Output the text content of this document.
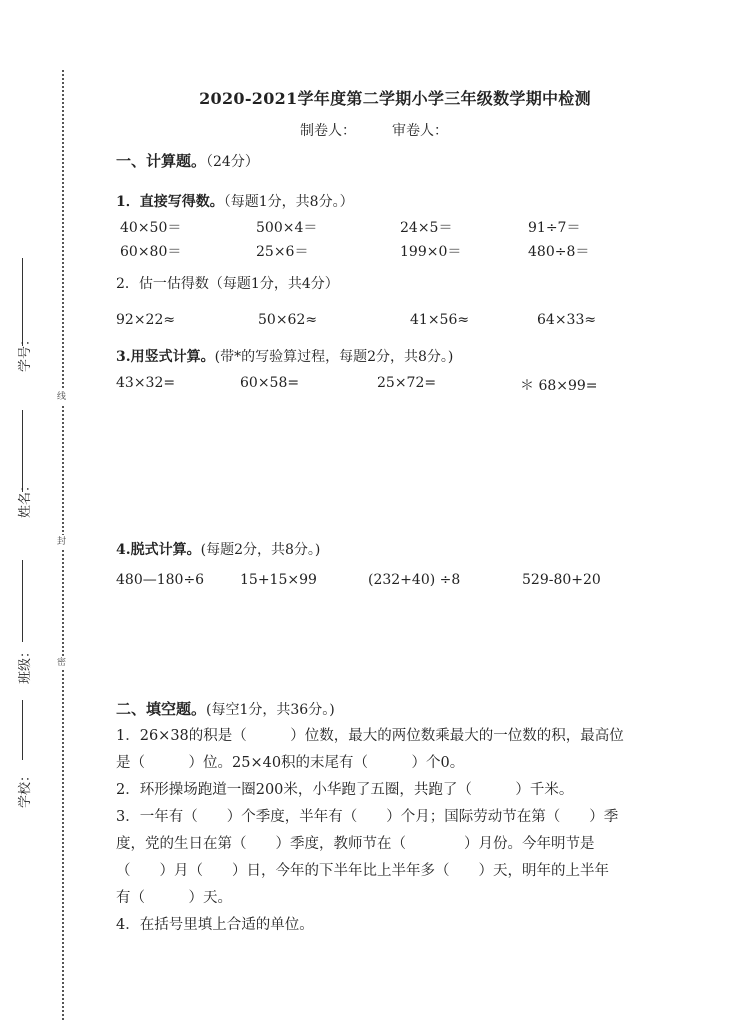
学号：
姓名：
班级：
学校：
线
封
密
2020-2021学年度第二学期小学三年级数学期中检测
制卷人：	审卷人：
一、计算题。（24分）
1．直接写得数。（每题1分，共8分。）
40×50＝	500×4＝	24×5＝	91÷7＝
60×80＝	25×6＝	199×0＝	480÷8＝
2．估一估得数（每题1分，共4分）
92×22≈	50×62≈	41×56≈	64×33≈
3.用竖式计算。(带*的写验算过程，每题2分，共8分。)
43×32=	60×58=	25×72=	＊ 68×99=
4.脱式计算。(每题2分，共8分。)
480—180÷6	15+15×99	(232+40) ÷8	529-80+20
二、填空题。(每空1分，共36分。)
1．26×38的积是（　　　）位数，最大的两位数乘最大的一位数的积，最高位
是（　　　）位。25×40积的末尾有（　　　）个0。
2．环形操场跑道一圈200米，小华跑了五圈，共跑了（　　　）千米。
3．一年有（　　）个季度，半年有（　　）个月；国际劳动节在第（　　）季
度，党的生日在第（　　）季度，教师节在（　　　　）月份。今年明节是
（　　）月（　　）日，今年的下半年比上半年多（　　）天，明年的上半年
有（　　　）天。
4．在括号里填上合适的单位。
